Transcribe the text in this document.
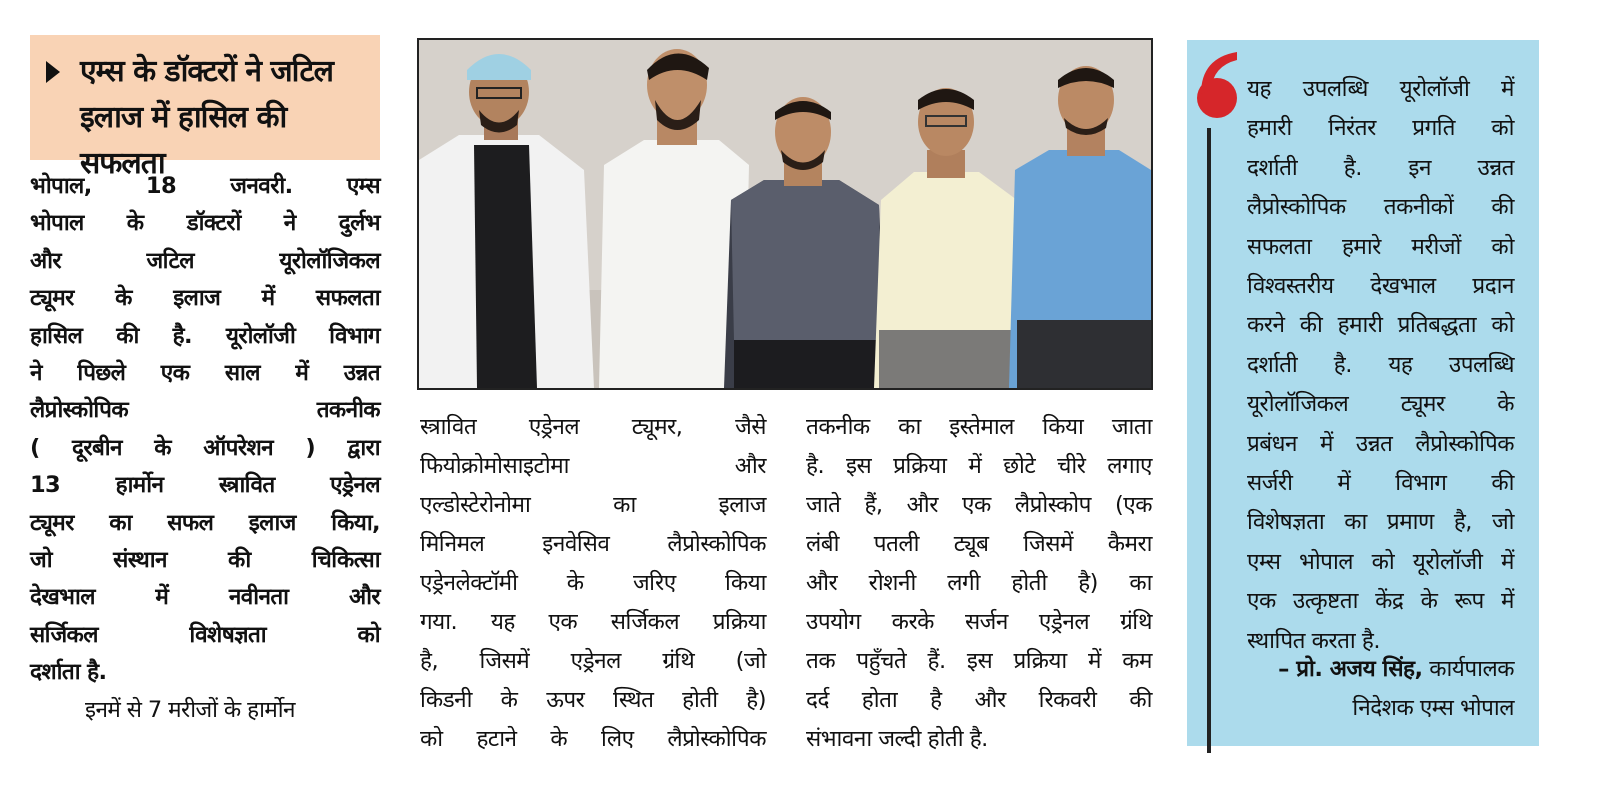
एम्स के डॉक्टरों ने जटिल
इलाज में हासिल की सफलता
भोपाल, 18 जनवरी. एम्स
भोपाल के डॉक्टरों ने दुर्लभ
और जटिल यूरोलॉजिकल
ट्यूमर के इलाज में सफलता
हासिल की है. यूरोलॉजी विभाग
ने पिछले एक साल में उन्नत
लैप्रोस्कोपिक तकनीक
( दूरबीन के ऑपरेशन ) द्वारा
13 हार्मोन स्त्रावित एड्रेनल
ट्यूमर का सफल इलाज किया,
जो संस्थान की चिकित्सा
देखभाल में नवीनता और
सर्जिकल विशेषज्ञता को
दर्शाता है.
इनमें से 7 मरीजों के हार्मोन
स्त्रावित एड्रेनल ट्यूमर, जैसे
फियोक्रोमोसाइटोमा और
एल्डोस्टेरोनोमा का इलाज
मिनिमल इनवेसिव लैप्रोस्कोपिक
एड्रेनलेक्टॉमी के जरिए किया
गया. यह एक सर्जिकल प्रक्रिया
है, जिसमें एड्रेनल ग्रंथि (जो
किडनी के ऊपर स्थित होती है)
को हटाने के लिए लैप्रोस्कोपिक
तकनीक का इस्तेमाल किया जाता
है. इस प्रक्रिया में छोटे चीरे लगाए
जाते हैं, और एक लैप्रोस्कोप (एक
लंबी पतली ट्यूब जिसमें कैमरा
और रोशनी लगी होती है) का
उपयोग करके सर्जन एड्रेनल ग्रंथि
तक पहुँचते हैं. इस प्रक्रिया में कम
दर्द होता है और रिकवरी की
संभावना जल्दी होती है.
यह उपलब्धि यूरोलॉजी में
हमारी निरंतर प्रगति को
दर्शाती है. इन उन्नत
लैप्रोस्कोपिक तकनीकों की
सफलता हमारे मरीजों को
विश्वस्तरीय देखभाल प्रदान
करने की हमारी प्रतिबद्धता को
दर्शाती है. यह उपलब्धि
यूरोलॉजिकल ट्यूमर के
प्रबंधन में उन्नत लैप्रोस्कोपिक
सर्जरी में विभाग की
विशेषज्ञता का प्रमाण है, जो
एम्स भोपाल को यूरोलॉजी में
एक उत्कृष्टता केंद्र के रूप में
स्थापित करता है.
– प्रो. अजय सिंह, कार्यपालक
निदेशक एम्स भोपाल
